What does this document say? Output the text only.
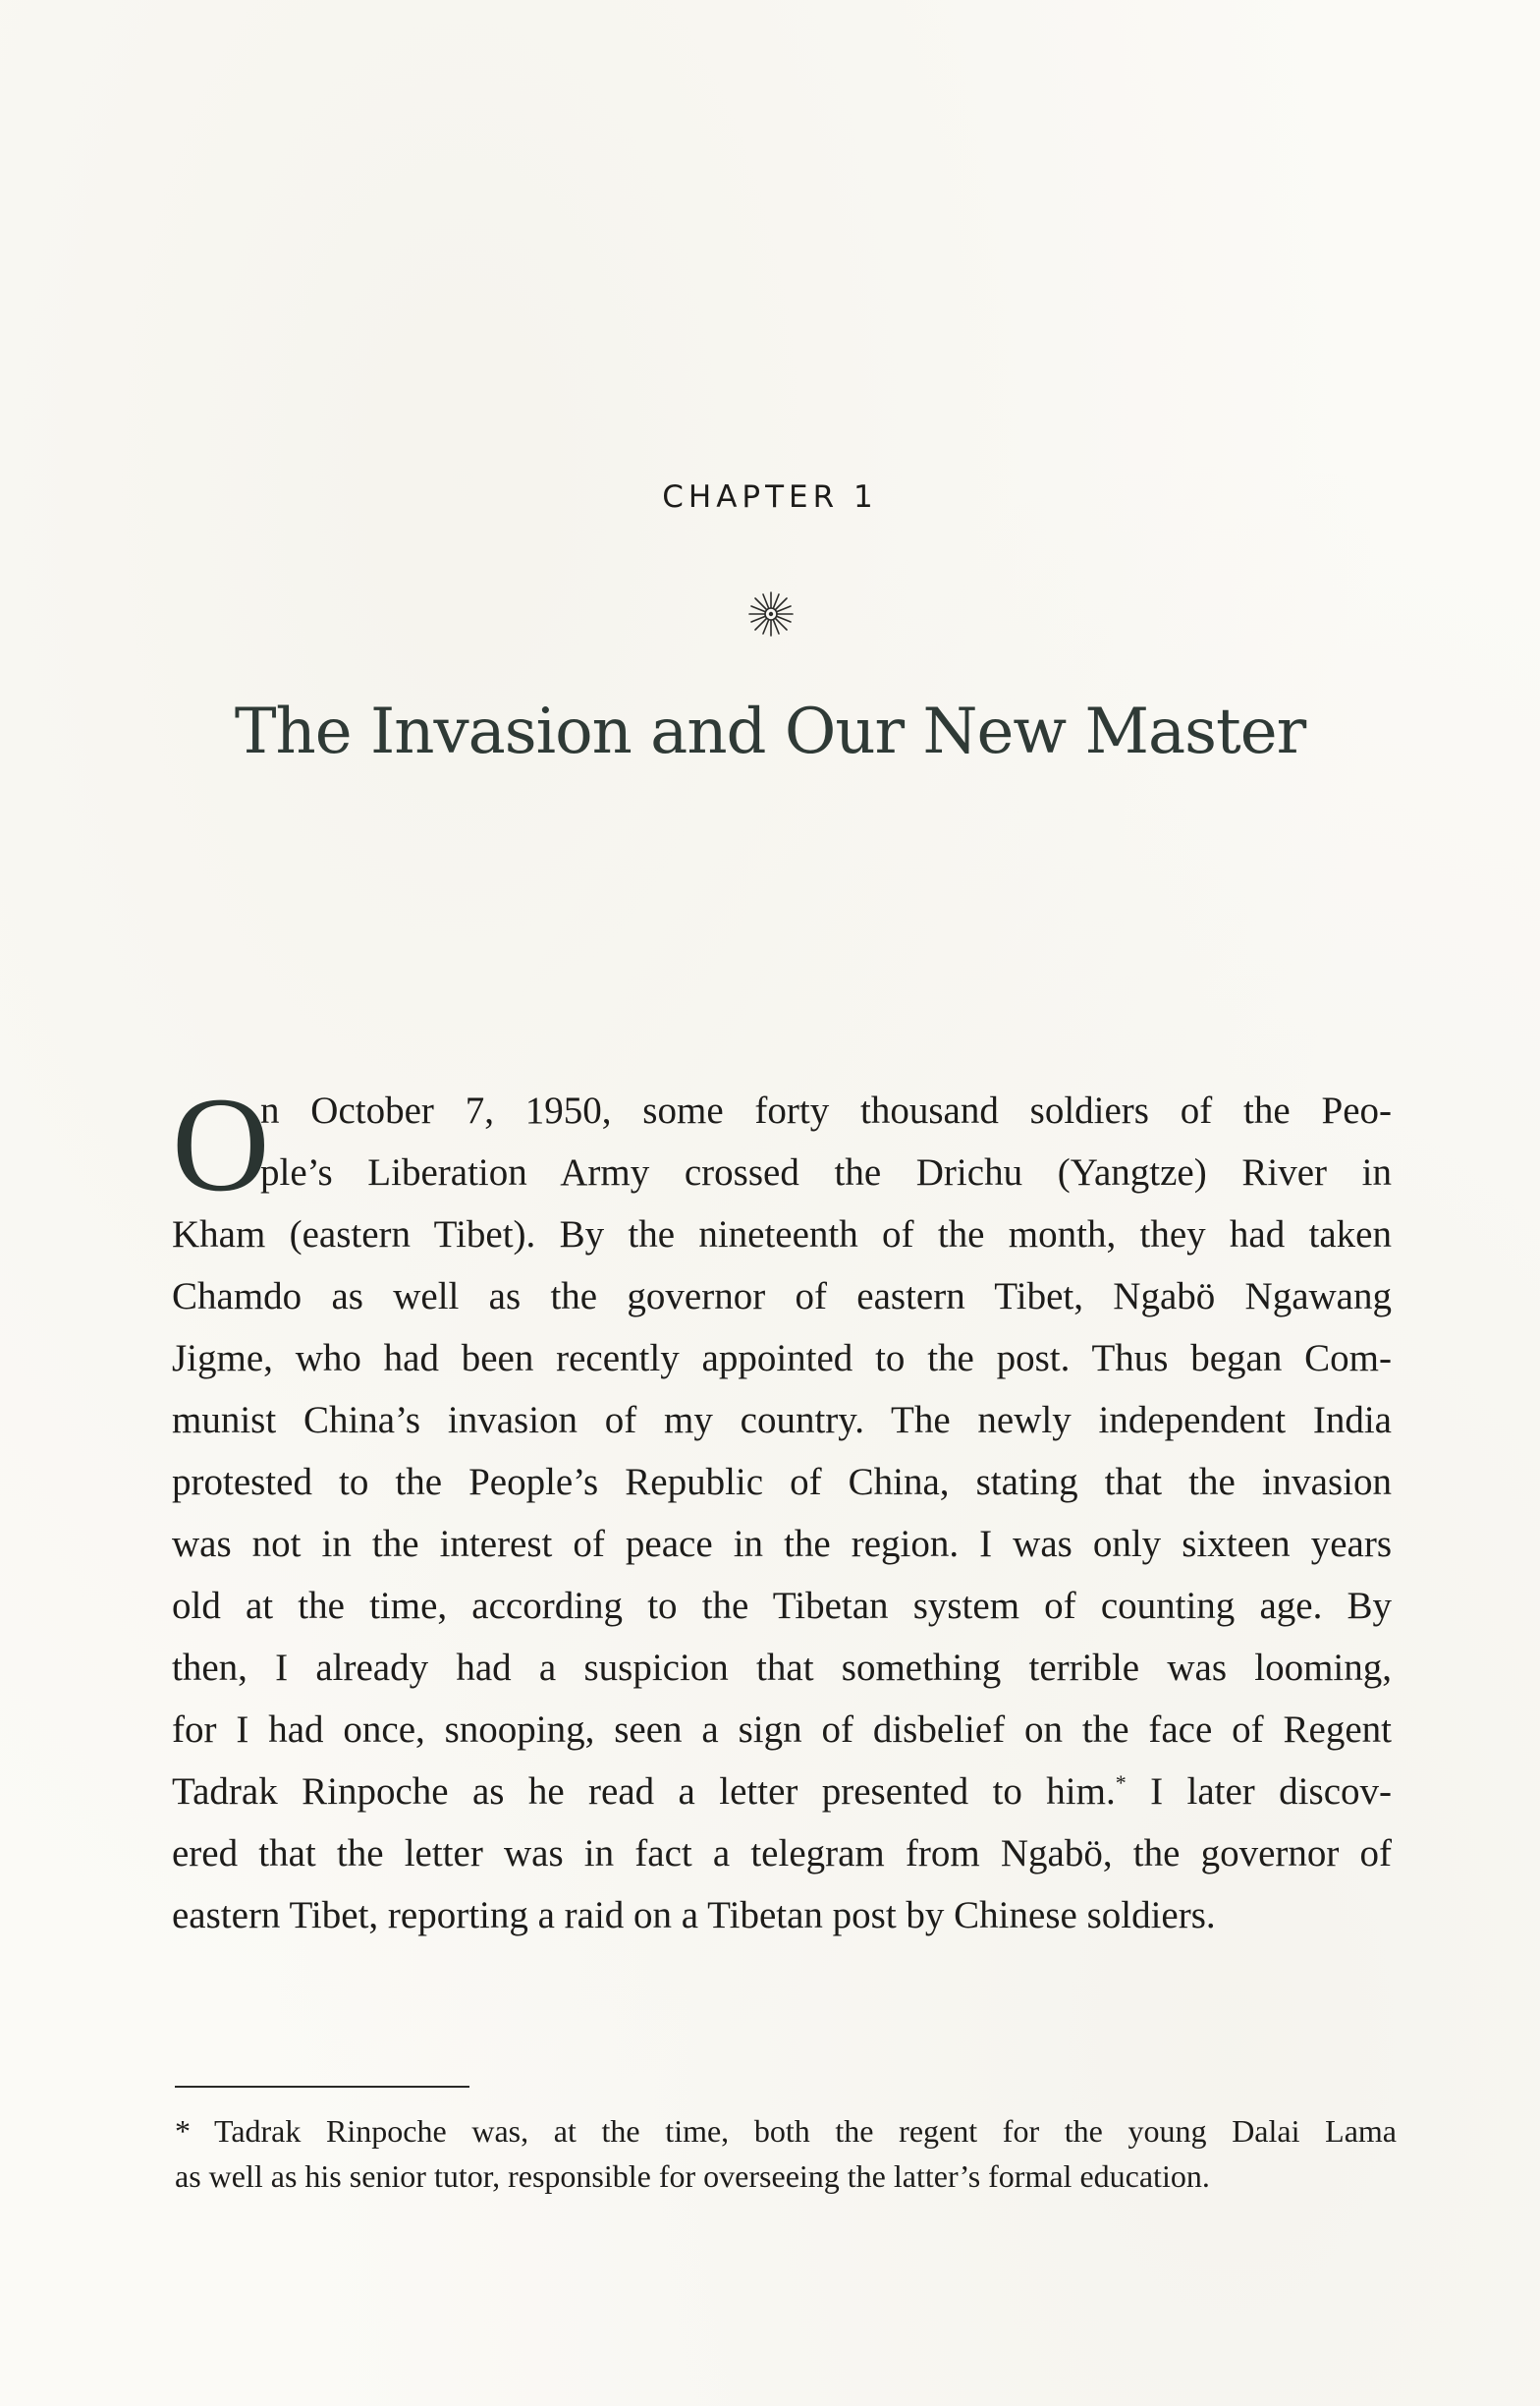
CHAPTER 1
The Invasion and Our New Master
O
n October 7, 1950, some forty thousand soldiers of the Peo-
ple’s Liberation Army crossed the Drichu (Yangtze) River in
Kham (eastern Tibet). By the nineteenth of the month, they had taken
Chamdo as well as the governor of eastern Tibet, Ngabö Ngawang
Jigme, who had been recently appointed to the post. Thus began Com-
munist China’s invasion of my country. The newly independent India
protested to the People’s Republic of China, stating that the invasion
was not in the interest of peace in the region. I was only sixteen years
old at the time, according to the Tibetan system of counting age. By
then, I already had a suspicion that something terrible was looming,
for I had once, snooping, seen a sign of disbelief on the face of Regent
Tadrak Rinpoche as he read a letter presented to him.* I later discov-
ered that the letter was in fact a telegram from Ngabö, the governor of
eastern Tibet, reporting a raid on a Tibetan post by Chinese soldiers.
* Tadrak Rinpoche was, at the time, both the regent for the young Dalai Lama
as well as his senior tutor, responsible for overseeing the latter’s formal education.
